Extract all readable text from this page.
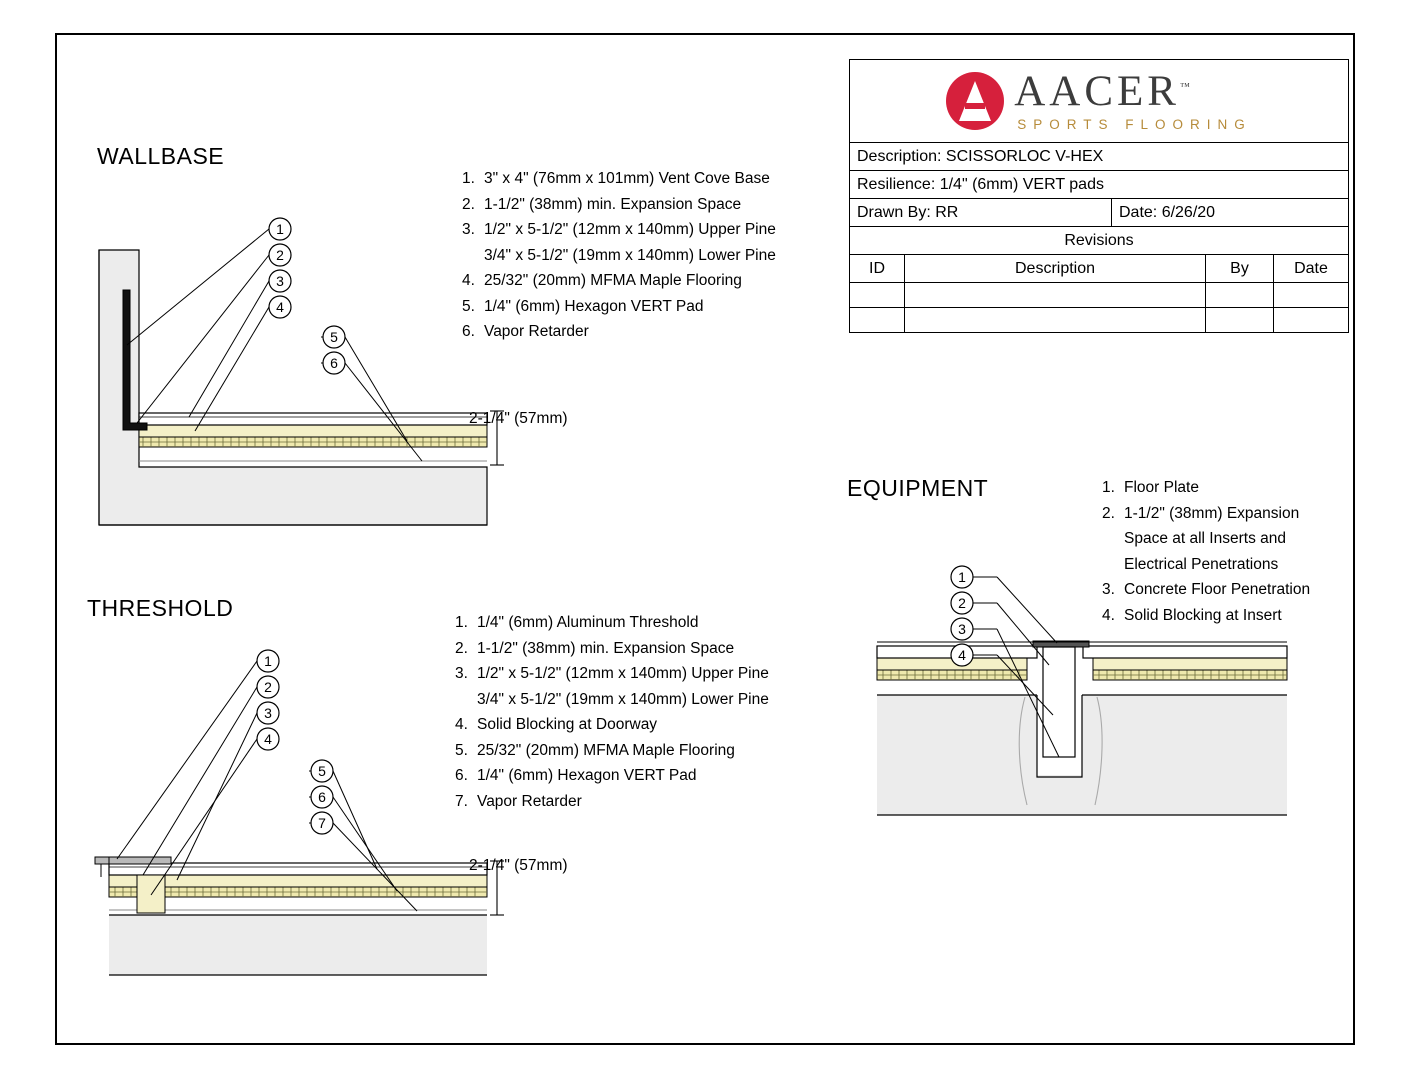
AACER™
SPORTS FLOORING
Description: SCISSORLOC V-HEX
Resilience: 1/4" (6mm) VERT pads
Drawn By: RR	Date: 6/26/20
Revisions
ID	Description	By	Date
WALLBASE
1
2
3
4
5
6
2-1/4" (57mm)
1. 3" x 4" (76mm x 101mm) Vent Cove Base
2. 1-1/2" (38mm) min. Expansion Space
3. 1/2" x 5-1/2" (12mm x 140mm) Upper Pine
3/4" x 5-1/2" (19mm x 140mm) Lower Pine
4. 25/32" (20mm) MFMA Maple Flooring
5. 1/4" (6mm) Hexagon VERT Pad
6. Vapor Retarder
THRESHOLD
1
2
3
4
5
6
7
2-1/4" (57mm)
1. 1/4" (6mm) Aluminum Threshold
2. 1-1/2" (38mm) min. Expansion Space
3. 1/2" x 5-1/2" (12mm x 140mm) Upper Pine
3/4" x 5-1/2" (19mm x 140mm) Lower Pine
4. Solid Blocking at Doorway
5. 25/32" (20mm) MFMA Maple Flooring
6. 1/4" (6mm) Hexagon VERT Pad
7. Vapor Retarder
EQUIPMENT
1
2
3
4
1. Floor Plate
2. 1-1/2" (38mm) Expansion
Space at all Inserts and
Electrical Penetrations
3. Concrete Floor Penetration
4. Solid Blocking at Insert
